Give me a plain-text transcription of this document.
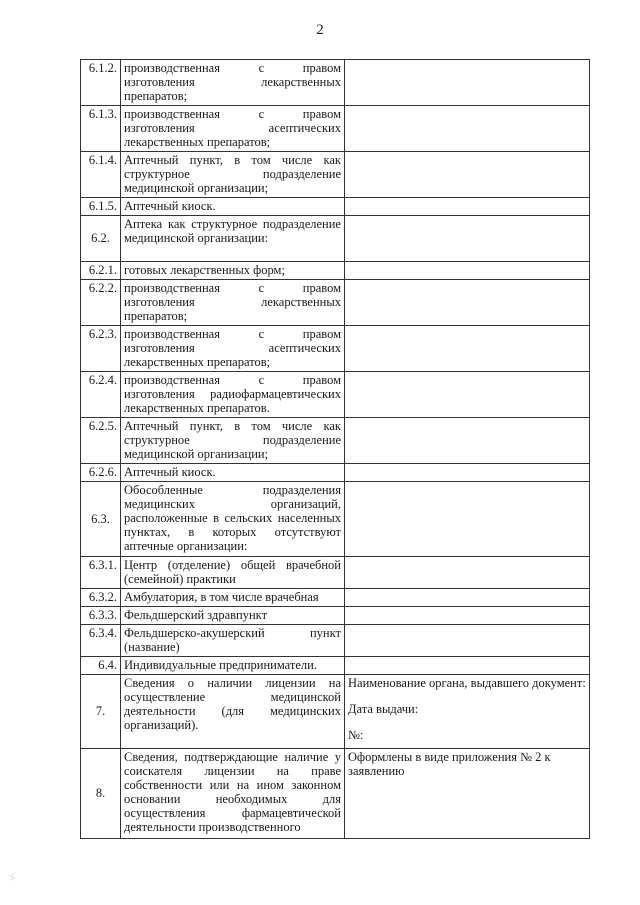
2
6.1.2.	производственная с правом изготовления лекарственных препаратов;	
6.1.3.	производственная с правом изготовления асептических лекарственных препаратов;	
6.1.4.	Аптечный пункт, в том числе как структурное подразделение медицинской организации;	
6.1.5.	Аптечный киоск.	
6.2.	Аптека как структурное подразделение медицинской организации:	
6.2.1.	готовых лекарственных форм;	
6.2.2.	производственная с правом изготовления лекарственных препаратов;	
6.2.3.	производственная с правом изготовления асептических лекарственных препаратов;	
6.2.4.	производственная с правом изготовления радиофармацевтических лекарственных препаратов.	
6.2.5.	Аптечный пункт, в том числе как структурное подразделение медицинской организации;	
6.2.6.	Аптечный киоск.	
6.3.	Обособленные подразделения медицинских организаций, расположенные в сельских населенных пунктах, в которых отсутствуют аптечные организации:	
6.3.1.	Центр (отделение) общей врачебной (семейной) практики	
6.3.2.	Амбулатория, в том числе врачебная	
6.3.3.	Фельдшерский здравпункт	
6.3.4.	Фельдшерско-акушерский пункт (название)	
6.4.	Индивидуальные предприниматели.	
7.	Сведения о наличии лицензии на осуществление медицинской деятельности (для медицинских организаций).	Наименование органа, выдавшего документ:
Дата выдачи:
№:

8.	Сведения, подтверждающие наличие у соискателя лицензии на праве собственности или на ином законном основании необходимых для осуществления фармацевтической деятельности производственного	Оформлены в виде приложения № 2 к заявлению
·/·
